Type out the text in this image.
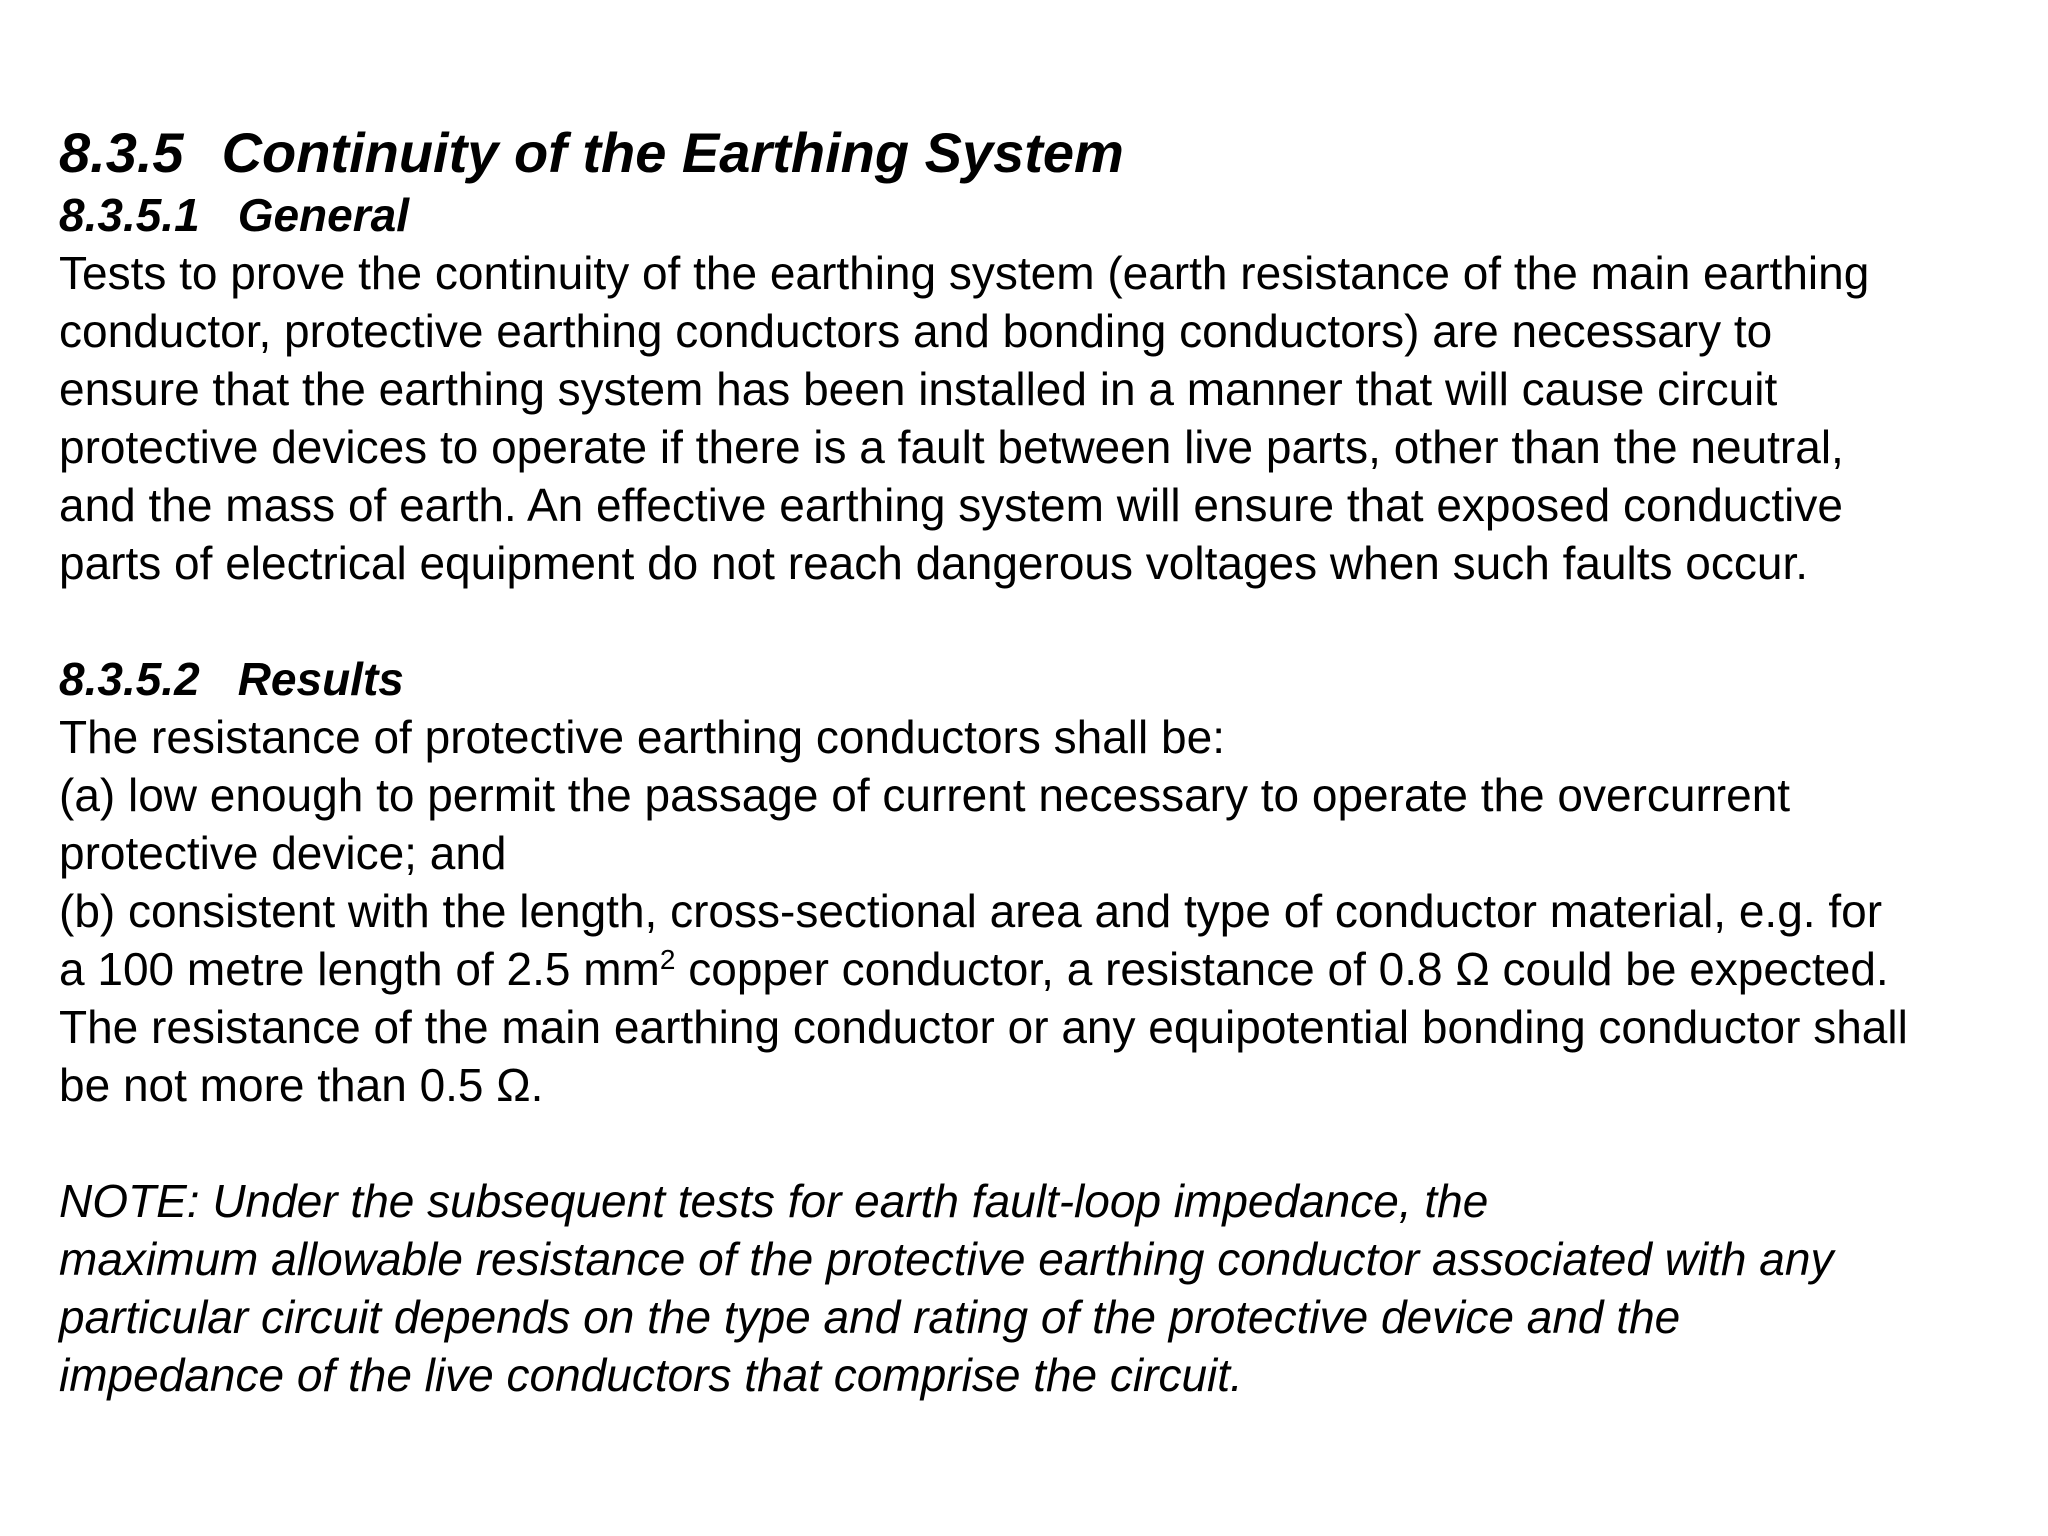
8.3.5 Continuity of the Earthing System
8.3.5.1 General

Tests to prove the continuity of the earthing system (earth resistance of the main earthing
conductor, protective earthing conductors and bonding conductors) are necessary to
ensure that the earthing system has been installed in a manner that will cause circuit
protective devices to operate if there is a fault between live parts, other than the neutral,
and the mass of earth. An effective earthing system will ensure that exposed conductive
parts of electrical equipment do not reach dangerous voltages when such faults occur.

8.3.5.2 Results

The resistance of protective earthing conductors shall be:
(a) low enough to permit the passage of current necessary to operate the overcurrent
protective device; and
(b) consistent with the length, cross-sectional area and type of conductor material, e.g. for
a 100 metre length of 2.5 $mm^2$ copper conductor, a resistance of 0.8 Ω could be expected.
The resistance of the main earthing conductor or any equipotential bonding conductor shall
be not more than 0.5 Ω.

NOTE: Under the subsequent tests for earth fault-loop impedance, the
maximum allowable resistance of the protective earthing conductor associated with any
particular circuit depends on the type and rating of the protective device and the
impedance of the live conductors that comprise the circuit.
